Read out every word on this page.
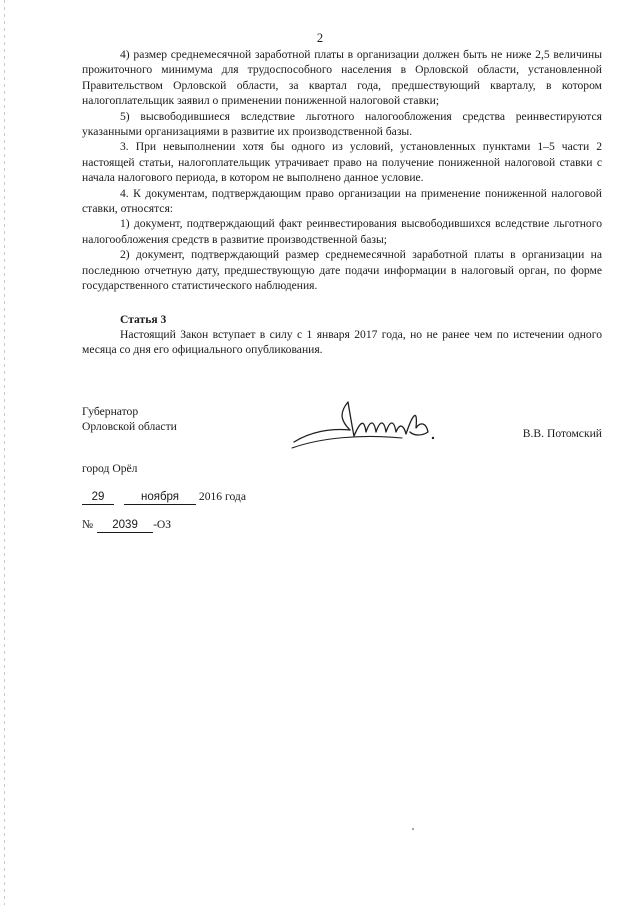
2

4) размер среднемесячной заработной платы в организации должен быть не ниже 2,5 величины прожиточного минимума для трудоспособного населения в Орловской области, установленной Правительством Орловской области, за квартал года, предшествующий кварталу, в котором налогоплательщик заявил о применении пониженной налоговой ставки;

5) высвободившиеся вследствие льготного налогообложения средства реинвестируются указанными организациями в развитие их производственной базы.

3. При невыполнении хотя бы одного из условий, установленных пунктами 1–5 части 2 настоящей статьи, налогоплательщик утрачивает право на получение пониженной налоговой ставки с начала налогового периода, в котором не выполнено данное условие.

4. К документам, подтверждающим право организации на применение пониженной налоговой ставки, относятся:

1) документ, подтверждающий факт реинвестирования высвободившихся вследствие льготного налогообложения средств в развитие производственной базы;

2) документ, подтверждающий размер среднемесячной заработной платы в организации на последнюю отчетную дату, предшествующую дате подачи информации в налоговый орган, по форме государственного статистического наблюдения.

Статья 3

Настоящий Закон вступает в силу с 1 января 2017 года, но не ранее чем по истечении одного месяца со дня его официального опубликования.

Губернатор
Орловской области
В.В. Потомский
город Орёл
29	ноября 2016 года
№ 2039 -ОЗ
